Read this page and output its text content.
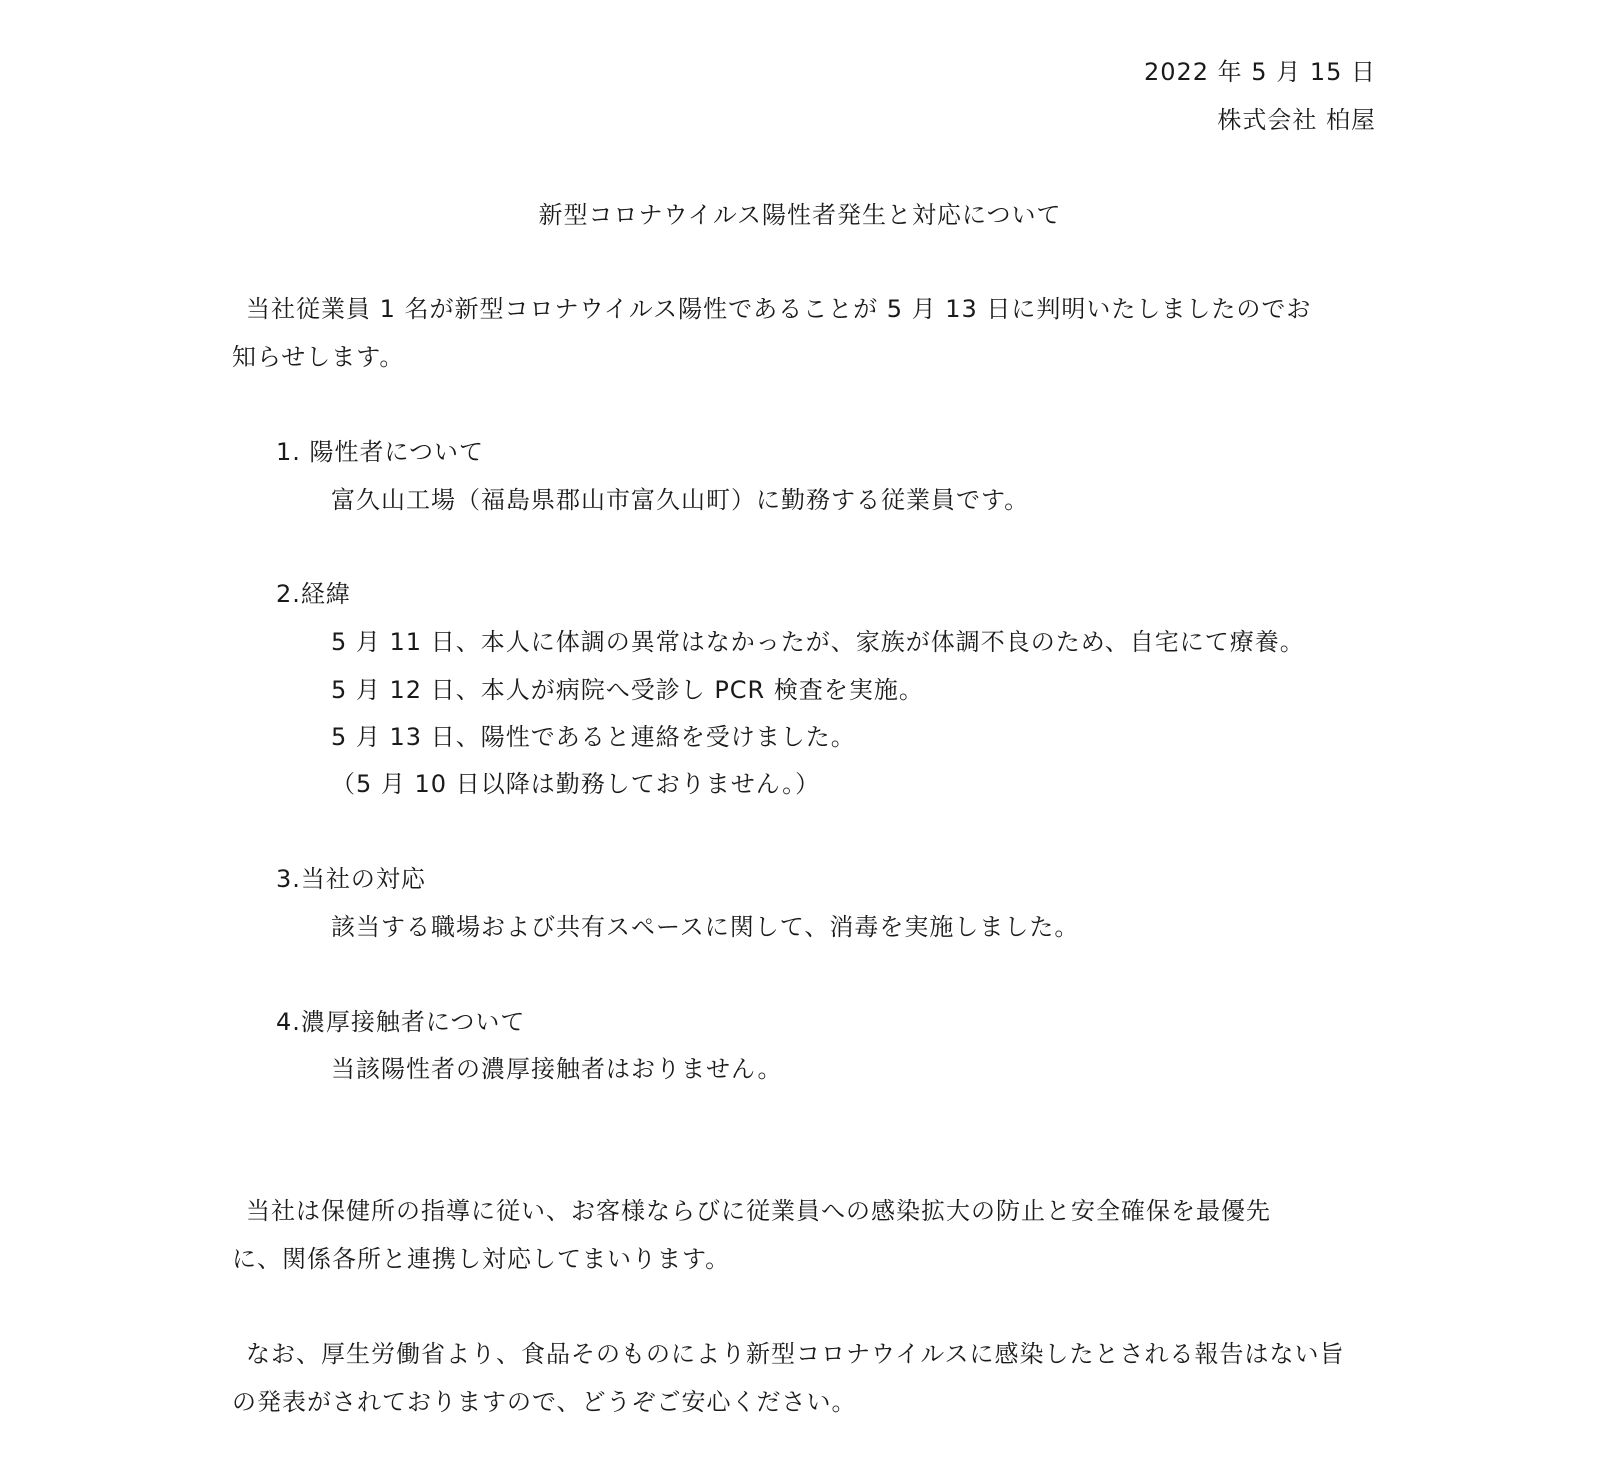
2022 年 5 月 15 日
株式会社 柏屋
新型コロナウイルス陽性者発生と対応について
当社従業員 1 名が新型コロナウイルス陽性であることが 5 月 13 日に判明いたしましたのでお
知らせします。
1. 陽性者について
富久山工場（福島県郡山市富久山町）に勤務する従業員です。
2.経緯
5 月 11 日、本人に体調の異常はなかったが、家族が体調不良のため、自宅にて療養。
5 月 12 日、本人が病院へ受診し PCR 検査を実施。
5 月 13 日、陽性であると連絡を受けました。
（5 月 10 日以降は勤務しておりません。）
3.当社の対応
該当する職場および共有スペースに関して、消毒を実施しました。
4.濃厚接触者について
当該陽性者の濃厚接触者はおりません。
当社は保健所の指導に従い、お客様ならびに従業員への感染拡大の防止と安全確保を最優先
に、関係各所と連携し対応してまいります。
なお、厚生労働省より、食品そのものにより新型コロナウイルスに感染したとされる報告はない旨
の発表がされておりますので、どうぞご安心ください。
